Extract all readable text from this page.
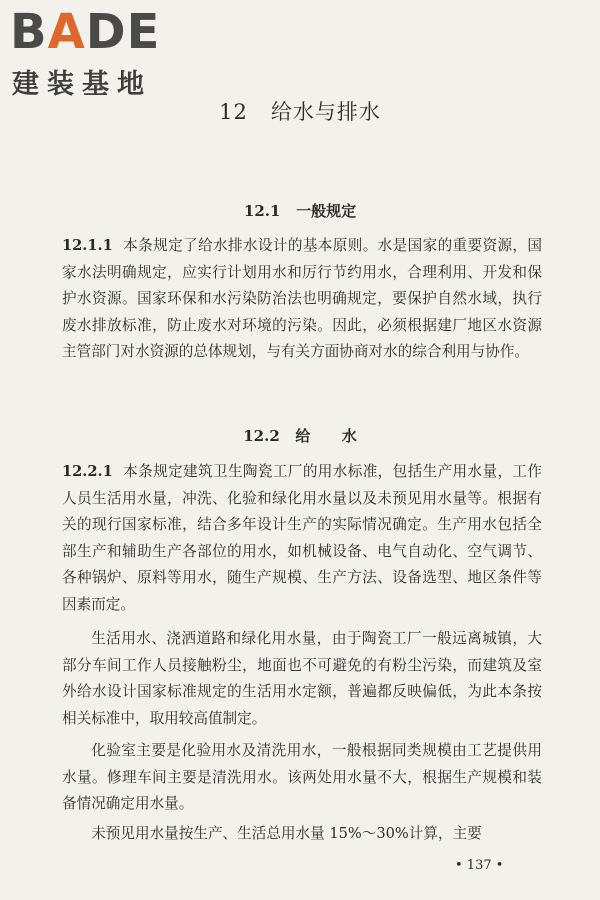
BADE
建装基地
12   给水与排水
12.1   一般规定

12.1.1 本条规定了给水排水设计的基本原则。水是国家的重要资源，国家水法明确规定，应实行计划用水和厉行节约用水，合理利用、开发和保护水资源。国家环保和水污染防治法也明确规定，要保护自然水域，执行废水排放标准，防止废水对环境的污染。因此，必须根据建厂地区水资源主管部门对水资源的总体规划，与有关方面协商对水的综合利用与协作。

12.2   给      水

12.2.1 本条规定建筑卫生陶瓷工厂的用水标准，包括生产用水量，工作人员生活用水量，冲洗、化验和绿化用水量以及未预见用水量等。根据有关的现行国家标准，结合多年设计生产的实际情况确定。生产用水包括全部生产和辅助生产各部位的用水，如机械设备、电气自动化、空气调节、各种锅炉、原料等用水，随生产规模、生产方法、设备选型、地区条件等因素而定。

生活用水、浇洒道路和绿化用水量，由于陶瓷工厂一般远离城镇，大部分车间工作人员接触粉尘，地面也不可避免的有粉尘污染，而建筑及室外给水设计国家标准规定的生活用水定额，普遍都反映偏低，为此本条按相关标准中，取用较高值制定。

化验室主要是化验用水及清洗用水，一般根据同类规模由工艺提供用水量。修理车间主要是清洗用水。该两处用水量不大，根据生产规模和装备情况确定用水量。

未预见用水量按生产、生活总用水量 15%～30%计算，主要

• 137 •
